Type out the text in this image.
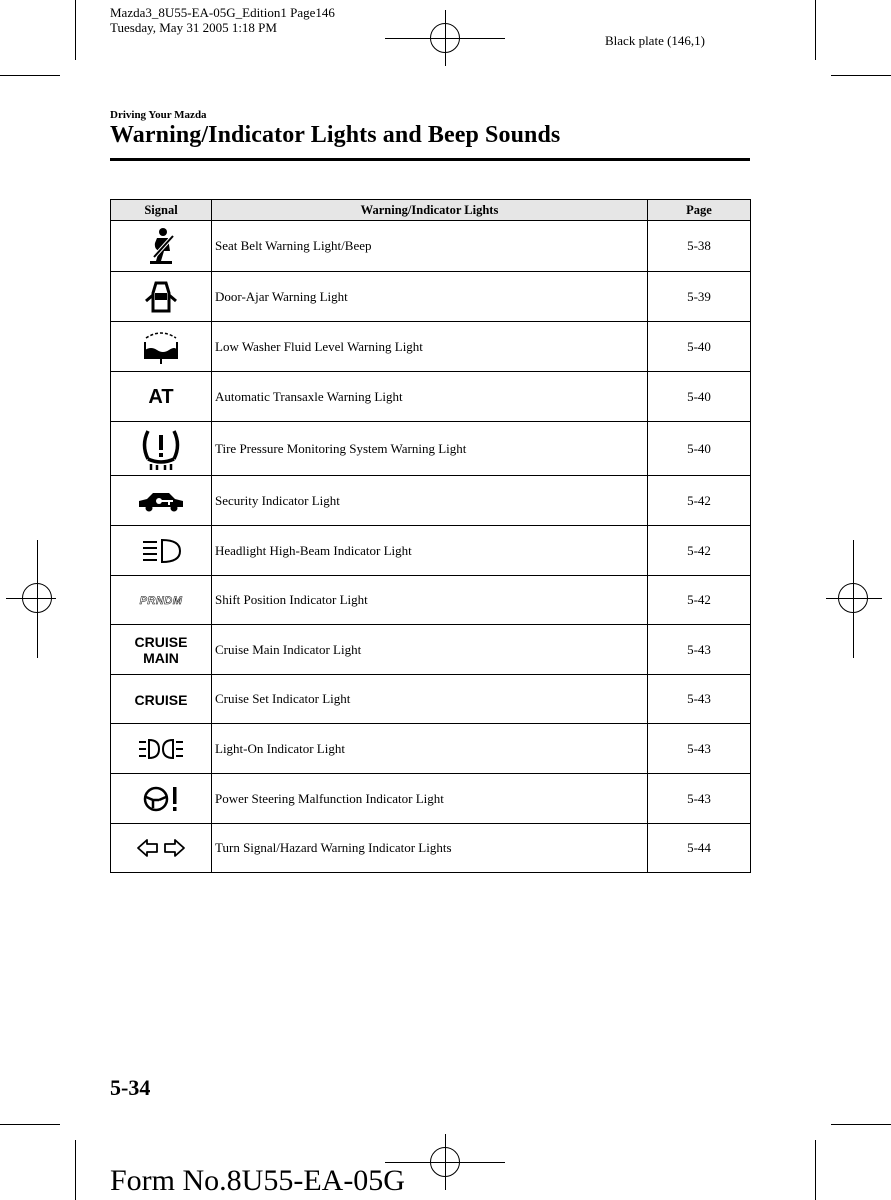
Mazda3_8U55-EA-05G_Edition1 Page146
Tuesday, May 31 2005 1:18 PM
Black plate (146,1)
Driving Your Mazda
Warning/Indicator Lights and Beep Sounds
Signal	Warning/Indicator Lights	Page
	Seat Belt Warning Light/Beep	5-38
	Door-Ajar Warning Light	5-39
	Low Washer Fluid Level Warning Light	5-40
AT	Automatic Transaxle Warning Light	5-40
	Tire Pressure Monitoring System Warning Light	5-40
	Security Indicator Light	5-42
	Headlight High-Beam Indicator Light	5-42
PRNDM	Shift Position Indicator Light	5-42

CRUISE
MAIN	Cruise Main Indicator Light	5-43
CRUISE	Cruise Set Indicator Light	5-43
	Light-On Indicator Light	5-43
	Power Steering Malfunction Indicator Light	5-43
	Turn Signal/Hazard Warning Indicator Lights	5-44
5-34
Form No.8U55-EA-05G
